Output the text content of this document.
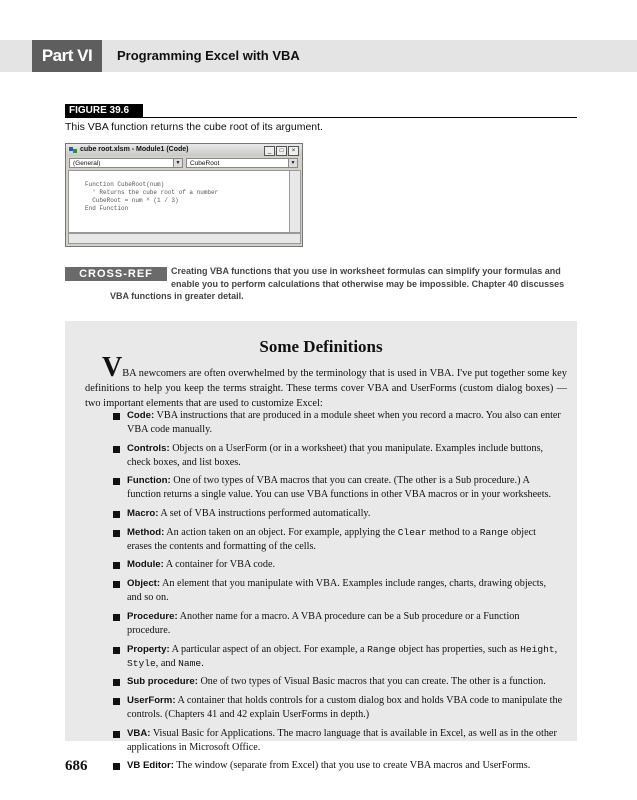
Part VI	Programming Excel with VBA
FIGURE 39.6
This VBA function returns the cube root of its argument.
cube root.xlsm - Module1 (Code)	_	□	×
(General)	▼	CubeRoot	▼
Function CubeRoot(num)
' Returns the cube root of a number
CubeRoot = num ^ (1 / 3)
End Function
CROSS-REF	Creating VBA functions that you use in worksheet formulas can simplify your formulas and enable you to perform calculations that otherwise may be impossible. Chapter 40 discusses
VBA functions in greater detail.
Some Definitions
VBA newcomers are often overwhelmed by the terminology that is used in VBA. I've put together some key definitions to help you keep the terms straight. These terms cover VBA and UserForms (custom dialog boxes) — two important elements that are used to customize Excel:
Code: VBA instructions that are produced in a module sheet when you record a macro. You also can enter VBA code manually.
Controls: Objects on a UserForm (or in a worksheet) that you manipulate. Examples include buttons, check boxes, and list boxes.
Function: One of two types of VBA macros that you can create. (The other is a Sub procedure.) A function returns a single value. You can use VBA functions in other VBA macros or in your worksheets.
Macro: A set of VBA instructions performed automatically.
Method: An action taken on an object. For example, applying the Clear method to a Range object erases the contents and formatting of the cells.
Module: A container for VBA code.
Object: An element that you manipulate with VBA. Examples include ranges, charts, drawing objects, and so on.
Procedure: Another name for a macro. A VBA procedure can be a Sub procedure or a Function procedure.
Property: A particular aspect of an object. For example, a Range object has properties, such as Height, Style, and Name.
Sub procedure: One of two types of Visual Basic macros that you can create. The other is a function.
UserForm: A container that holds controls for a custom dialog box and holds VBA code to manipulate the controls. (Chapters 41 and 42 explain UserForms in depth.)
VBA: Visual Basic for Applications. The macro language that is available in Excel, as well as in the other applications in Microsoft Office.
VB Editor: The window (separate from Excel) that you use to create VBA macros and UserForms.
686
